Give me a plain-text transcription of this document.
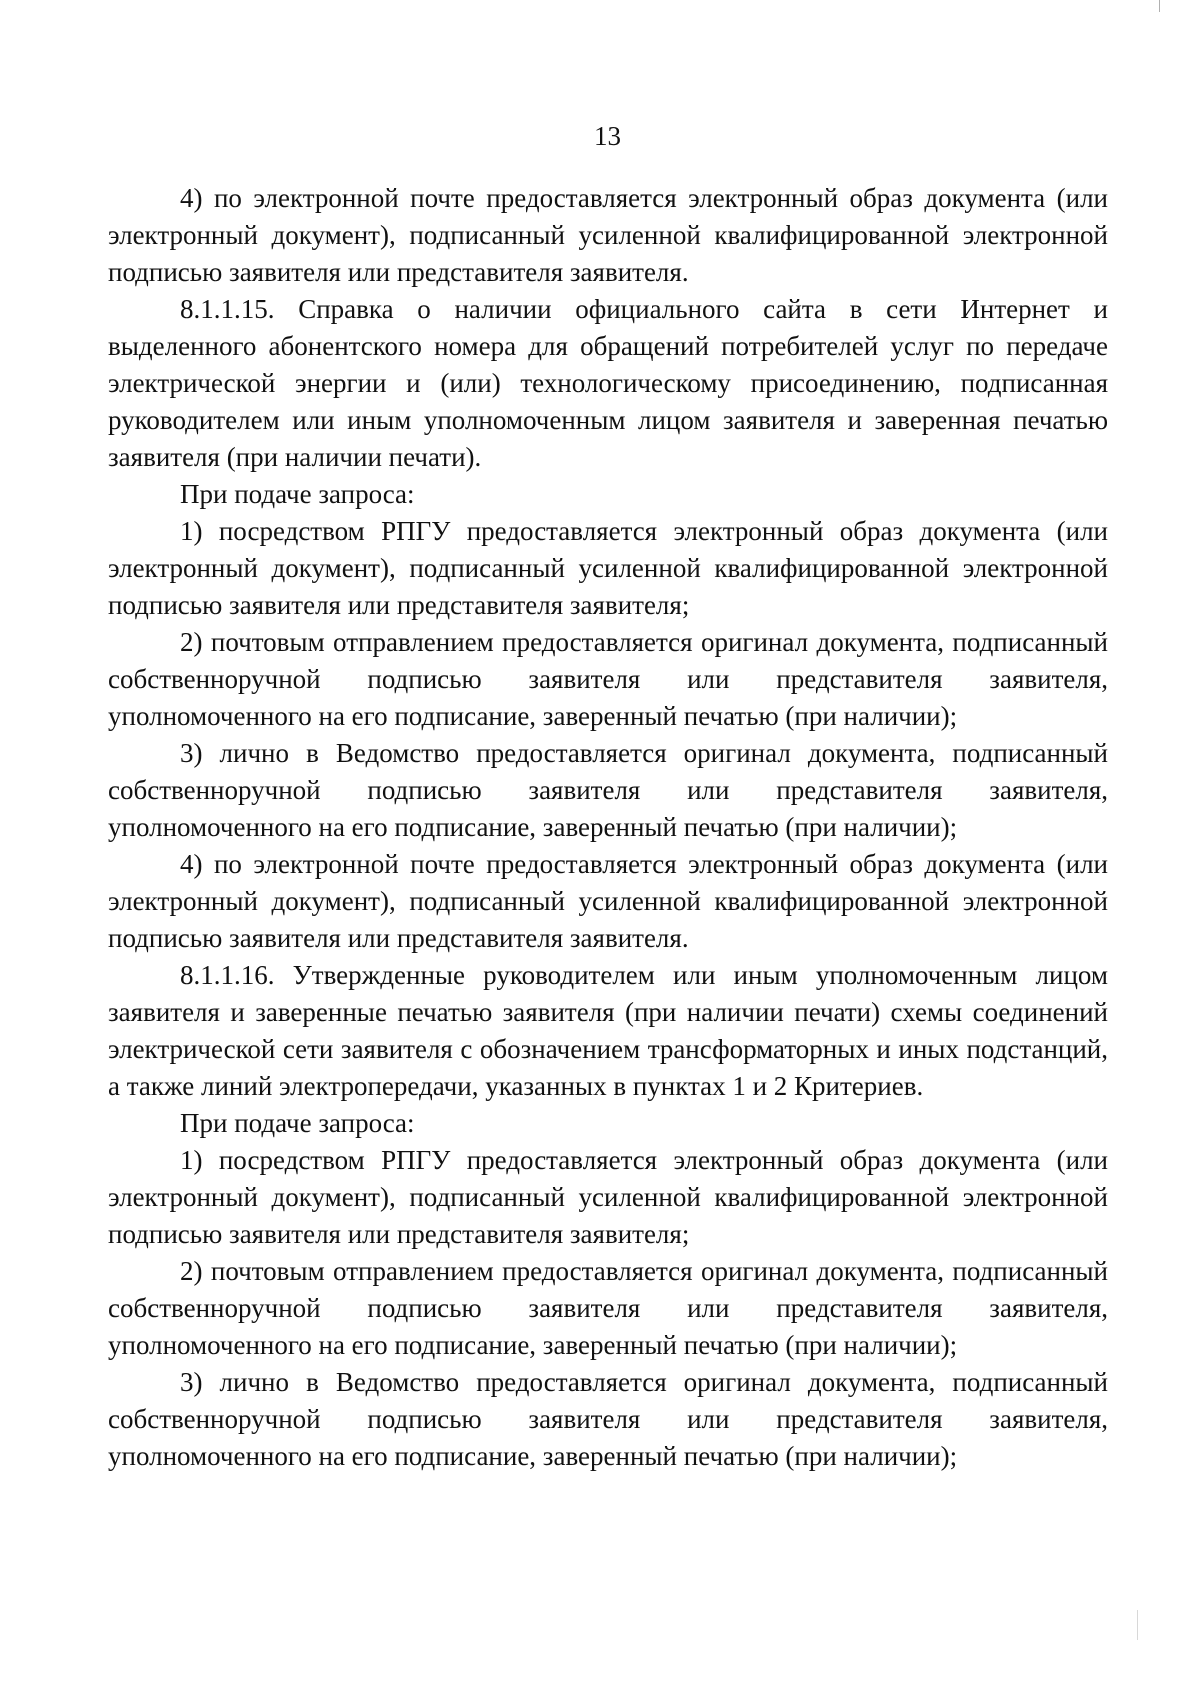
13

4) по электронной почте предоставляется электронный образ документа (или электронный документ), подписанный усиленной квалифицированной электронной подписью заявителя или представителя заявителя.

8.1.1.15. Справка о наличии официального сайта в сети Интернет и выделенного абонентского номера для обращений потребителей услуг по передаче электрической энергии и (или) технологическому присоединению, подписанная руководителем или иным уполномоченным лицом заявителя и заверенная печатью заявителя (при наличии печати).

При подаче запроса:

1) посредством РПГУ предоставляется электронный образ документа (или электронный документ), подписанный усиленной квалифицированной электронной подписью заявителя или представителя заявителя;

2) почтовым отправлением предоставляется оригинал документа, подписанный собственноручной подписью заявителя или представителя заявителя, уполномоченного на его подписание, заверенный печатью (при наличии);

3) лично в Ведомство предоставляется оригинал документа, подписанный собственноручной подписью заявителя или представителя заявителя, уполномоченного на его подписание, заверенный печатью (при наличии);

4) по электронной почте предоставляется электронный образ документа (или электронный документ), подписанный усиленной квалифицированной электронной подписью заявителя или представителя заявителя.

8.1.1.16. Утвержденные руководителем или иным уполномоченным лицом заявителя и заверенные печатью заявителя (при наличии печати) схемы соединений электрической сети заявителя с обозначением трансформаторных и иных подстанций, а также линий электропередачи, указанных в пунктах 1 и 2 Критериев.

При подаче запроса:

1) посредством РПГУ предоставляется электронный образ документа (или электронный документ), подписанный усиленной квалифицированной электронной подписью заявителя или представителя заявителя;

2) почтовым отправлением предоставляется оригинал документа, подписанный собственноручной подписью заявителя или представителя заявителя, уполномоченного на его подписание, заверенный печатью (при наличии);

3) лично в Ведомство предоставляется оригинал документа, подписанный собственноручной подписью заявителя или представителя заявителя, уполномоченного на его подписание, заверенный печатью (при наличии);
